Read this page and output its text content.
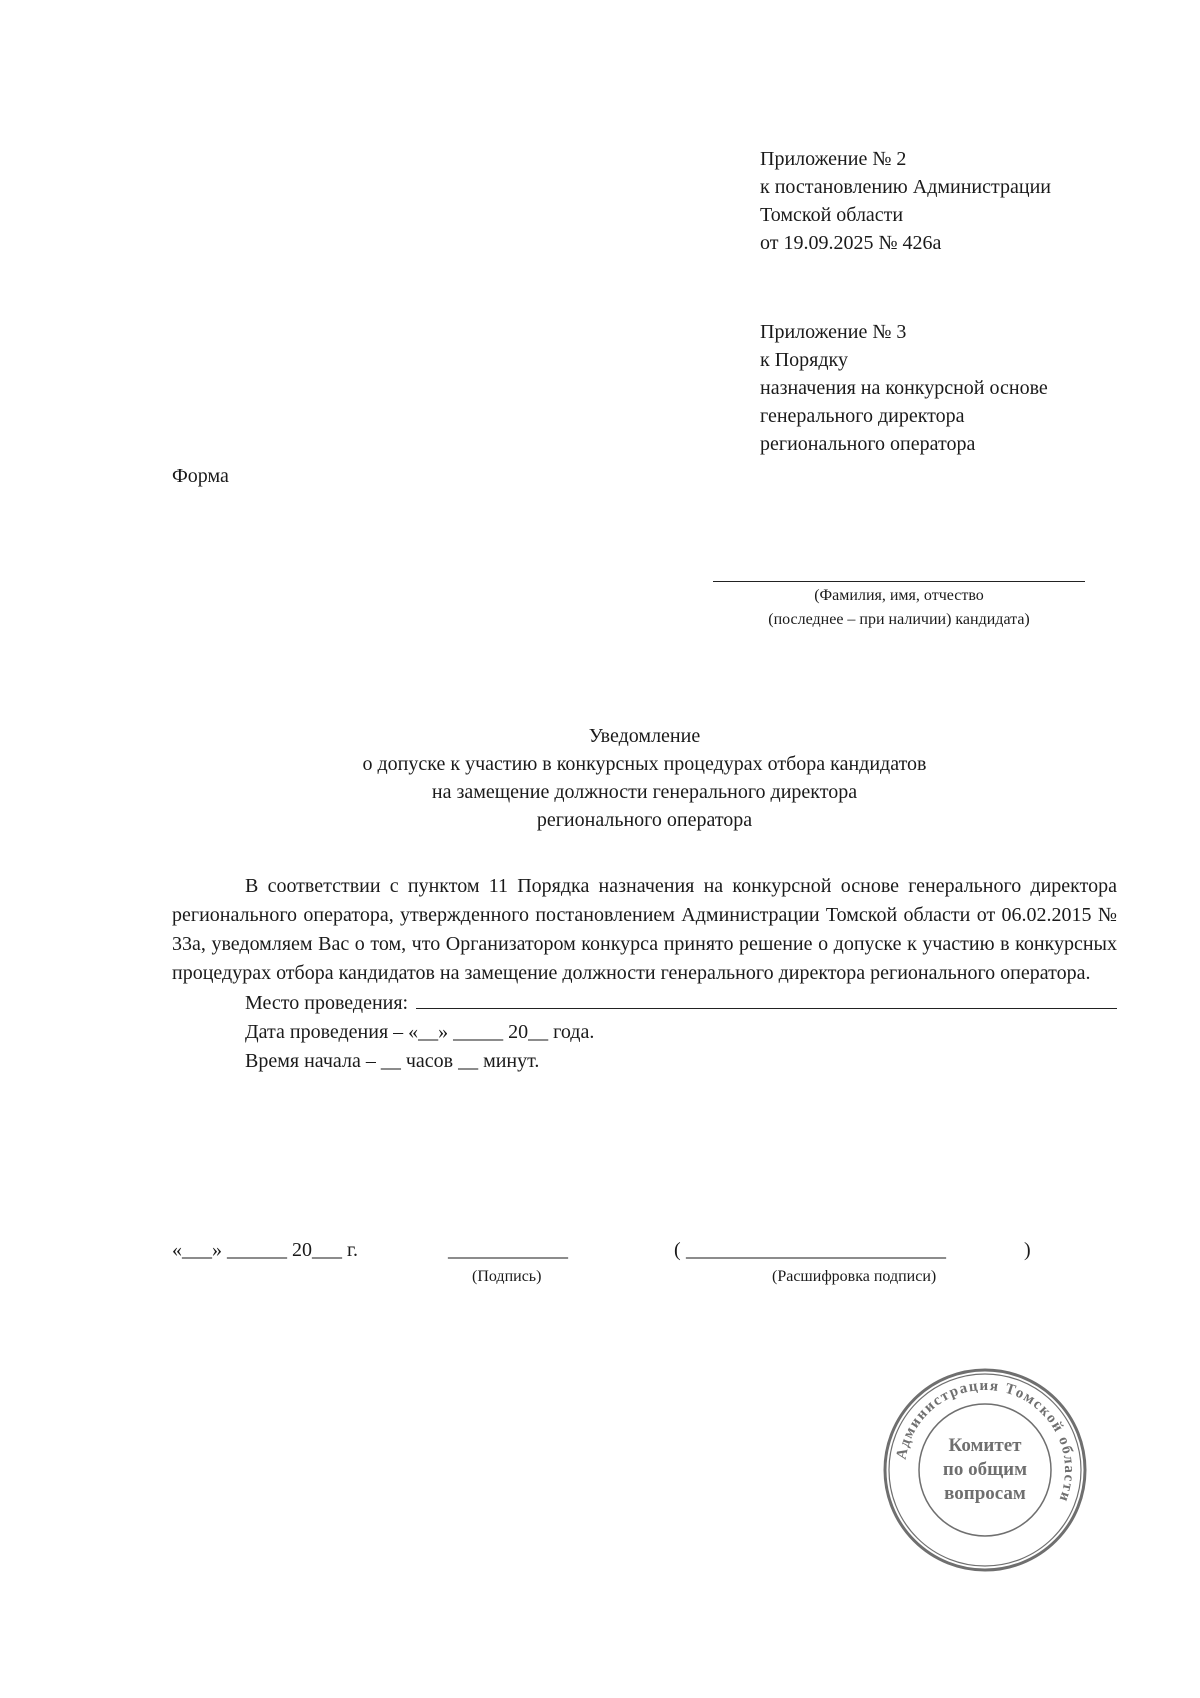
Приложение № 2
к постановлению Администрации
Томской области
от 19.09.2025 № 426а
Приложение № 3
к Порядку
назначения на конкурсной основе
генерального директора
регионального оператора
Форма
(Фамилия, имя, отчество
(последнее – при наличии) кандидата)
Уведомление
о допуске к участию в конкурсных процедурах отбора кандидатов
на замещение должности генерального директора
регионального оператора

В соответствии с пунктом 11 Порядка назначения на конкурсной основе генерального директора регионального оператора, утвержденного постановлением Администрации Томской области от 06.02.2015 № 33а, уведомляем Вас о том, что Организатором конкурса принято решение о допуске к участию в конкурсных процедурах отбора кандидатов на замещение должности генерального директора регионального оператора.

Место проведения:
Дата проведения – «__» _____ 20__ года.
Время начала – __ часов __ минут.
«___» ______ 20___ г.	____________	( __________________________	)
(Подпись)	(Расшифровка подписи)
Администрация Томской области
Комитет
по общим
вопросам
